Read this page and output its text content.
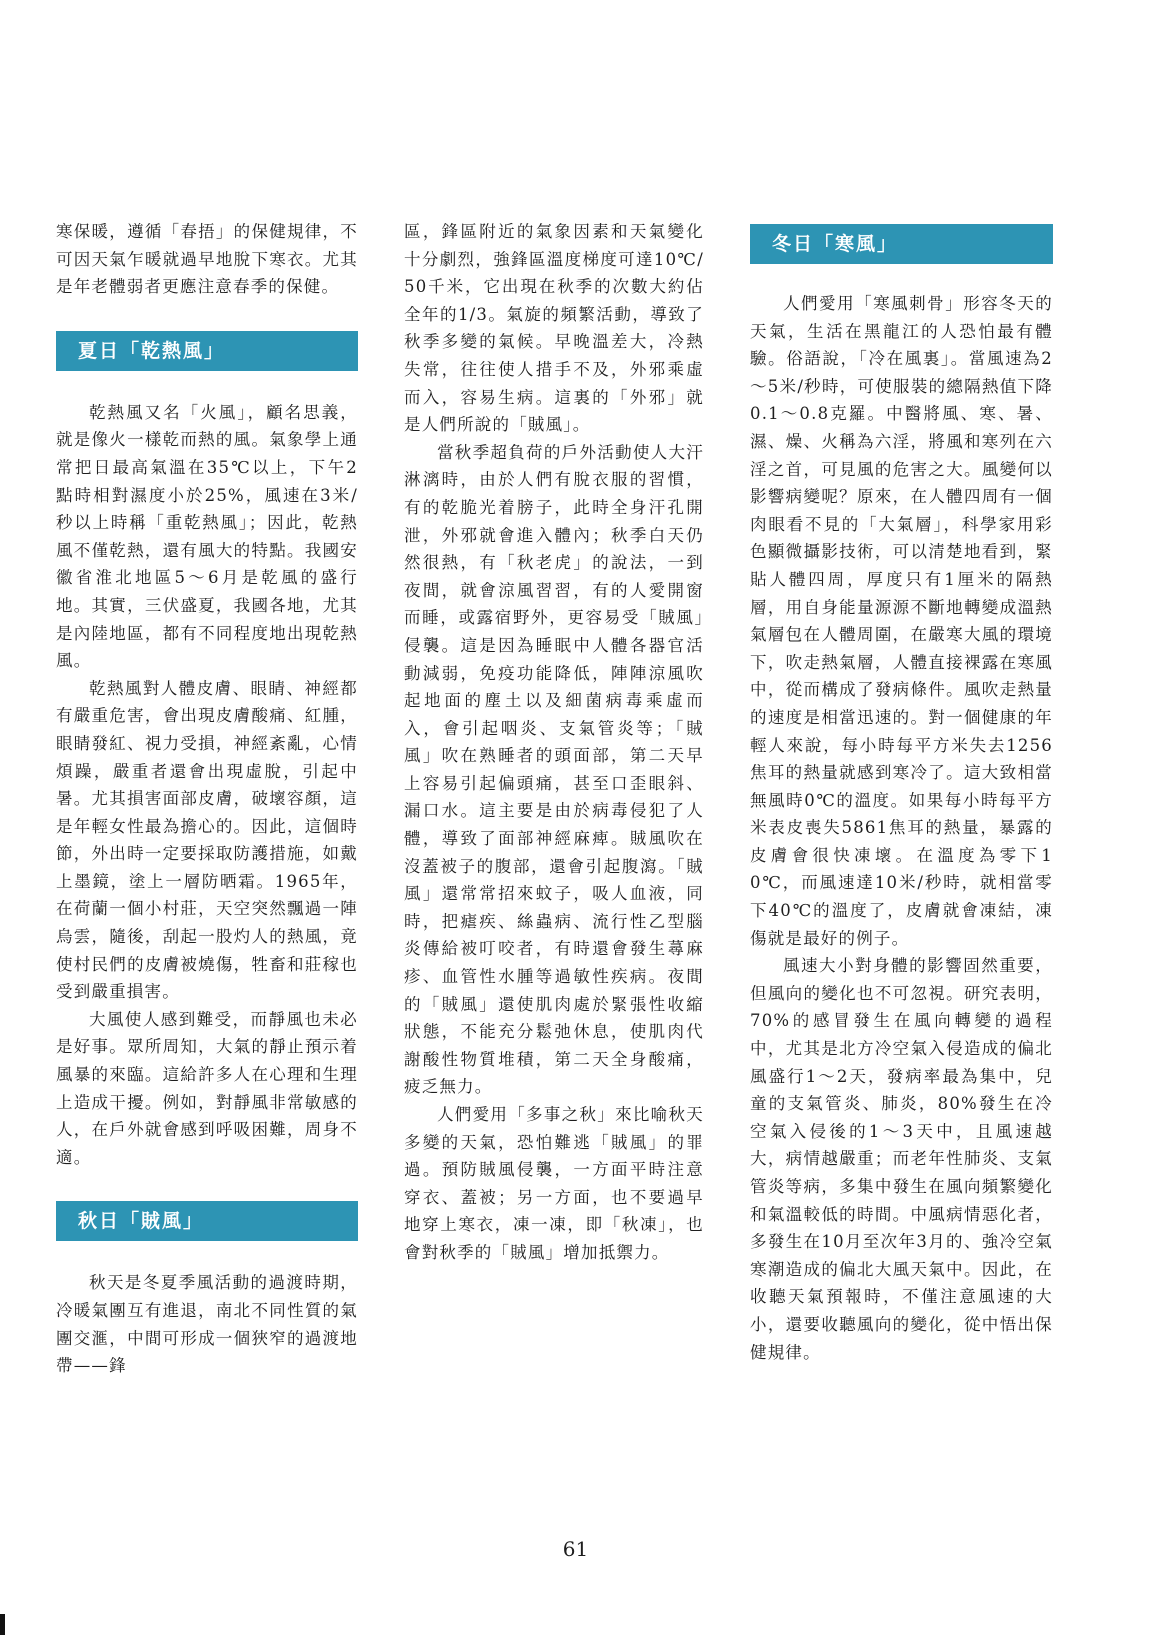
寒保暖，遵循「春捂」的保健規律，不可因天氣乍暖就過早地脫下寒衣。尤其是年老體弱者更應注意春季的保健。

夏日「乾熱風」

乾熱風又名「火風」，顧名思義，就是像火一樣乾而熱的風。氣象學上通常把日最高氣溫在35℃以上，下午2點時相對濕度小於25%，風速在3米/秒以上時稱「重乾熱風」；因此，乾熱風不僅乾熱，還有風大的特點。我國安徽省淮北地區5～6月是乾風的盛行地。其實，三伏盛夏，我國各地，尤其是內陸地區，都有不同程度地出現乾熱風。

乾熱風對人體皮膚、眼睛、神經都有嚴重危害，會出現皮膚酸痛、紅腫，眼睛發紅、視力受損，神經紊亂，心情煩躁，嚴重者還會出現虛脫，引起中暑。尤其損害面部皮膚，破壞容顏，這是年輕女性最為擔心的。因此，這個時節，外出時一定要採取防護措施，如戴上墨鏡，塗上一層防晒霜。1965年，在荷蘭一個小村莊，天空突然飄過一陣烏雲，隨後，刮起一股灼人的熱風，竟使村民們的皮膚被燒傷，牲畜和莊稼也受到嚴重損害。

大風使人感到難受，而靜風也未必是好事。眾所周知，大氣的靜止預示着風暴的來臨。這給許多人在心理和生理上造成干擾。例如，對靜風非常敏感的人，在戶外就會感到呼吸困難，周身不適。

秋日「賊風」

秋天是冬夏季風活動的過渡時期，冷暖氣團互有進退，南北不同性質的氣團交滙，中間可形成一個狹窄的過渡地帶——鋒

區，鋒區附近的氣象因素和天氣變化十分劇烈，強鋒區溫度梯度可達10℃/50千米，它出現在秋季的次數大約佔全年的1/3。氣旋的頻繁活動，導致了秋季多變的氣候。早晚溫差大，冷熱失常，往往使人措手不及，外邪乘虛而入，容易生病。這裏的「外邪」就是人們所說的「賊風」。

當秋季超負荷的戶外活動使人大汗淋漓時，由於人們有脫衣服的習慣，有的乾脆光着膀子，此時全身汗孔開泄，外邪就會進入體內；秋季白天仍然很熱，有「秋老虎」的說法，一到夜間，就會涼風習習，有的人愛開窗而睡，或露宿野外，更容易受「賊風」侵襲。這是因為睡眠中人體各器官活動減弱，免疫功能降低，陣陣涼風吹起地面的塵土以及細菌病毒乘虛而入，會引起咽炎、支氣管炎等；「賊風」吹在熟睡者的頭面部，第二天早上容易引起偏頭痛，甚至口歪眼斜、漏口水。這主要是由於病毒侵犯了人體，導致了面部神經麻痺。賊風吹在沒蓋被子的腹部，還會引起腹瀉。「賊風」還常常招來蚊子，吸人血液，同時，把瘧疾、絲蟲病、流行性乙型腦炎傳給被叮咬者，有時還會發生蕁麻疹、血管性水腫等過敏性疾病。夜間的「賊風」還使肌肉處於緊張性收縮狀態，不能充分鬆弛休息，使肌肉代謝酸性物質堆積，第二天全身酸痛，疲乏無力。

人們愛用「多事之秋」來比喻秋天多變的天氣，恐怕難逃「賊風」的罪過。預防賊風侵襲，一方面平時注意穿衣、蓋被；另一方面，也不要過早地穿上寒衣，凍一凍，即「秋凍」，也會對秋季的「賊風」增加抵禦力。

冬日「寒風」

人們愛用「寒風刺骨」形容冬天的天氣，生活在黑龍江的人恐怕最有體驗。俗語說，「冷在風裏」。當風速為2～5米/秒時，可使服裝的總隔熱值下降0.1～0.8克羅。中醫將風、寒、暑、濕、燥、火稱為六淫，將風和寒列在六淫之首，可見風的危害之大。風變何以影響病變呢？原來，在人體四周有一個肉眼看不見的「大氣層」，科學家用彩色顯微攝影技術，可以清楚地看到，緊貼人體四周，厚度只有1厘米的隔熱層，用自身能量源源不斷地轉變成溫熱氣層包在人體周圍，在嚴寒大風的環境下，吹走熱氣層，人體直接裸露在寒風中，從而構成了發病條件。風吹走熱量的速度是相當迅速的。對一個健康的年輕人來說，每小時每平方米失去1256焦耳的熱量就感到寒冷了。這大致相當無風時0℃的溫度。如果每小時每平方米表皮喪失5861焦耳的熱量，暴露的皮膚會很快凍壞。在溫度為零下10℃，而風速達10米/秒時，就相當零下40℃的溫度了，皮膚就會凍結，凍傷就是最好的例子。

風速大小對身體的影響固然重要，但風向的變化也不可忽視。研究表明，70%的感冒發生在風向轉變的過程中，尤其是北方冷空氣入侵造成的偏北風盛行1～2天，發病率最為集中，兒童的支氣管炎、肺炎，80%發生在冷空氣入侵後的1～3天中，且風速越大，病情越嚴重；而老年性肺炎、支氣管炎等病，多集中發生在風向頻繁變化和氣溫較低的時間。中風病情惡化者，多發生在10月至次年3月的、強冷空氣寒潮造成的偏北大風天氣中。因此，在收聽天氣預報時，不僅注意風速的大小，還要收聽風向的變化，從中悟出保健規律。

61
